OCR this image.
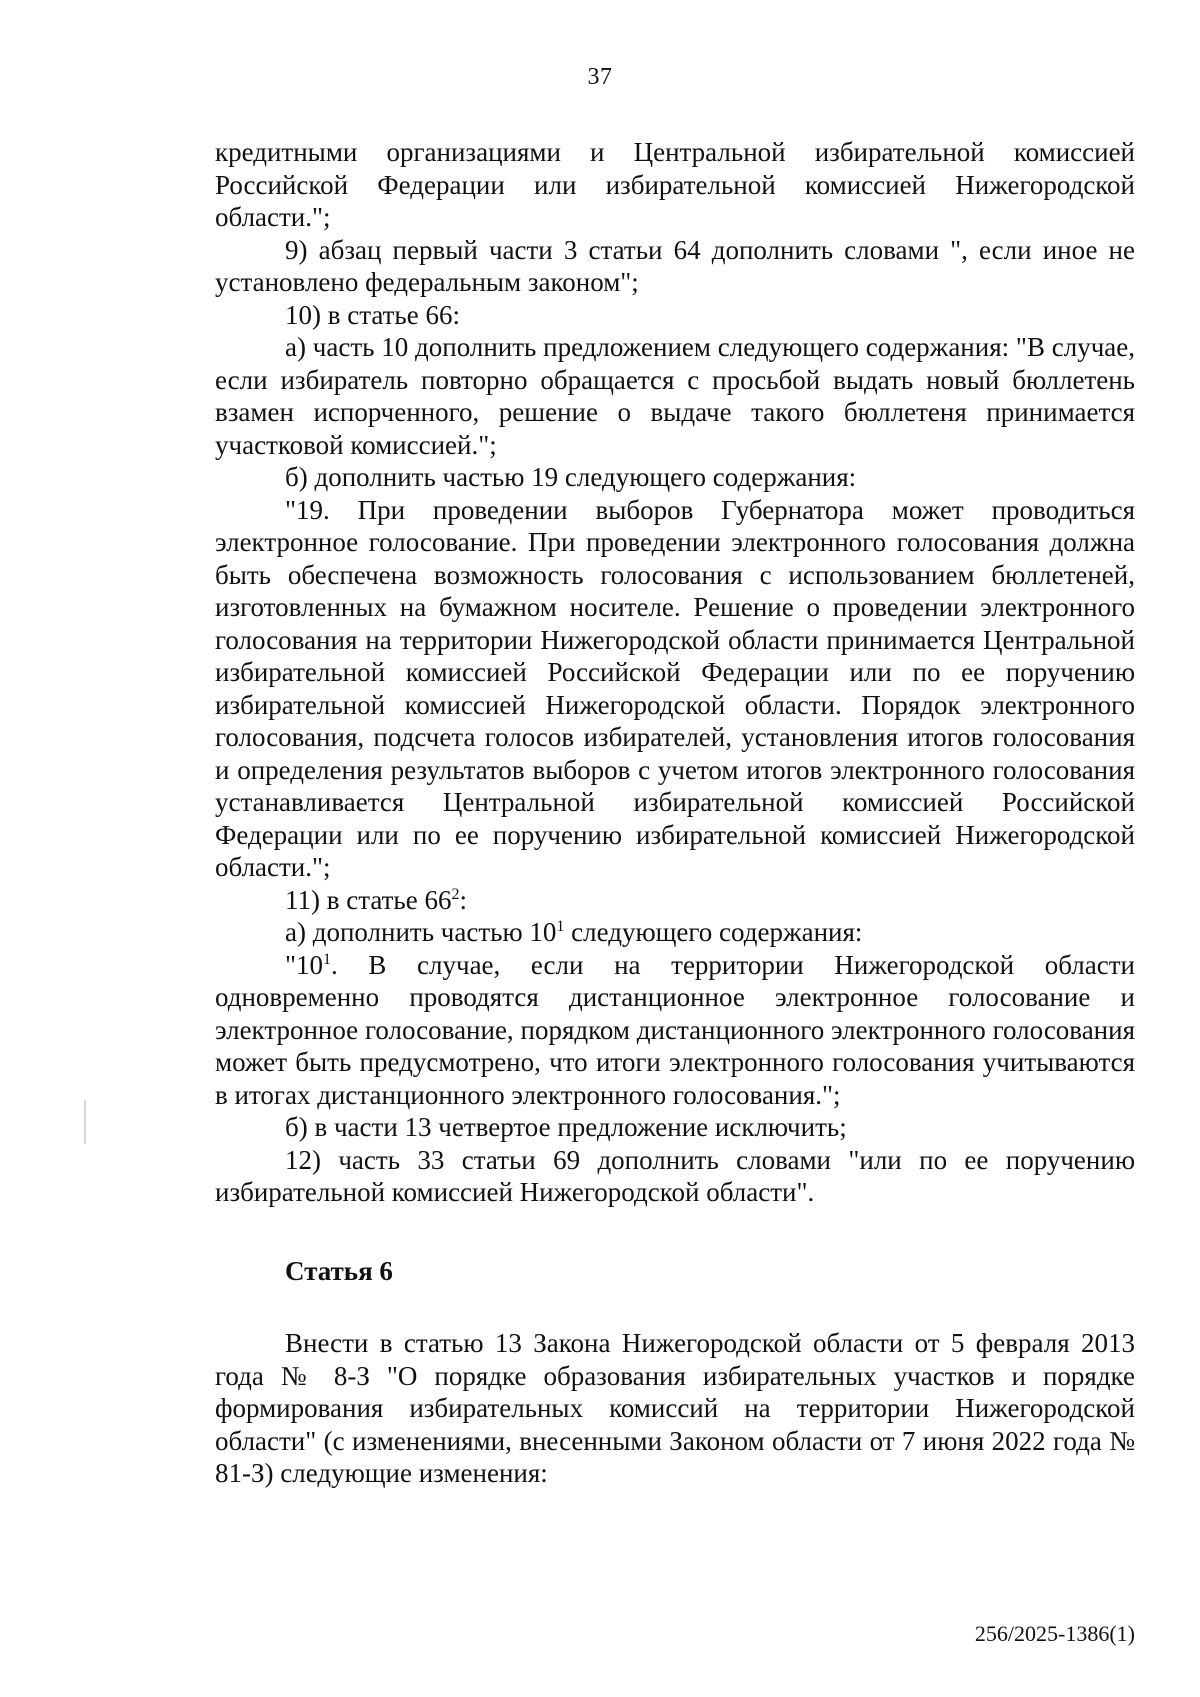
37

кредитными организациями и Центральной избирательной комиссией Российской Федерации или избирательной комиссией Нижегородской области.";

9) абзац первый части 3 статьи 64 дополнить словами ", если иное не установлено федеральным законом";

10) в статье 66:

а) часть 10 дополнить предложением следующего содержания: "В случае, если избиратель повторно обращается с просьбой выдать новый бюллетень взамен испорченного, решение о выдаче такого бюллетеня принимается участковой комиссией.";

б) дополнить частью 19 следующего содержания:

"19. При проведении выборов Губернатора может проводиться электронное голосование. При проведении электронного голосования должна быть обеспечена возможность голосования с использованием бюллетеней, изготовленных на бумажном носителе. Решение о проведении электронного голосования на территории Нижегородской области принимается Центральной избирательной комиссией Российской Федерации или по ее поручению избирательной комиссией Нижегородской области. Порядок электронного голосования, подсчета голосов избирателей, установления итогов голосования и определения результатов выборов с учетом итогов электронного голосования устанавливается Центральной избирательной комиссией Российской Федерации или по ее поручению избирательной комиссией Нижегородской области.";

11) в статье $66^2$:

а) дополнить частью $10^1$ следующего содержания:

"$10^1$. В случае, если на территории Нижегородской области одновременно проводятся дистанционное электронное голосование и электронное голосование, порядком дистанционного электронного голосования может быть предусмотрено, что итоги электронного голосования учитываются в итогах дистанционного электронного голосования.";

б) в части 13 четвертое предложение исключить;

12) часть 33 статьи 69 дополнить словами "или по ее поручению избирательной комиссией Нижегородской области".

Статья 6

Внести в статью 13 Закона Нижегородской области от 5 февраля 2013 года № 8-З "О порядке образования избирательных участков и порядке формирования избирательных комиссий на территории Нижегородской области" (с изменениями, внесенными Законом области от 7 июня 2022 года № 81-З) следующие изменения:

256/2025-1386(1)
